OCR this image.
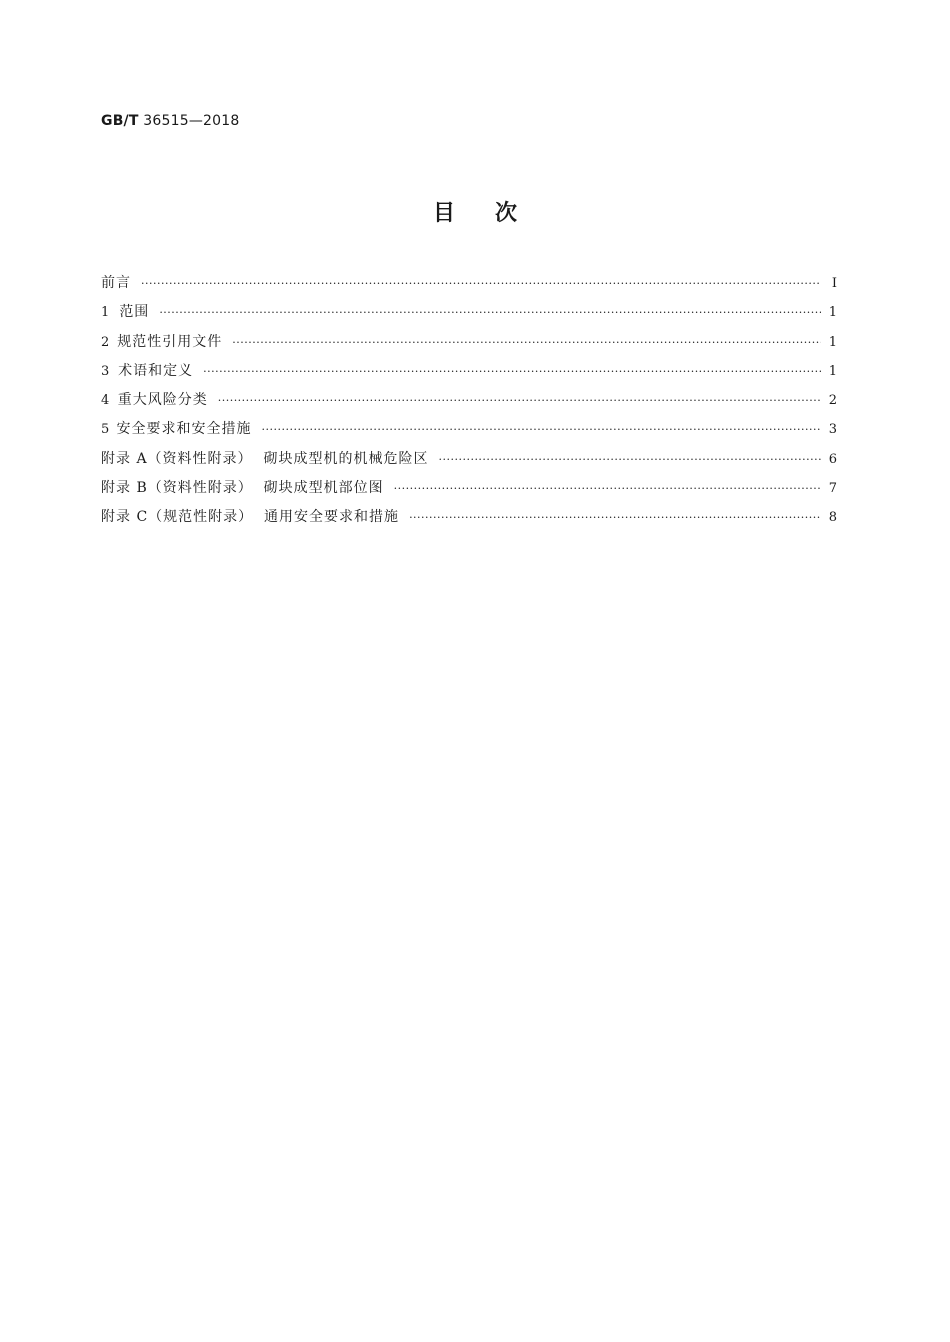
GB/T 36515—2018
目次
前言 ·····	Ⅰ
1 范围 ·····	1
2 规范性引用文件 ·····	1
3 术语和定义 ·····	1
4 重大风险分类 ·····	2
5 安全要求和安全措施 ·····	3
附录 A（资料性附录）  砌块成型机的机械危险区 ·····	6
附录 B（资料性附录）  砌块成型机部位图 ·····	7
附录 C（规范性附录）  通用安全要求和措施 ·····	8
